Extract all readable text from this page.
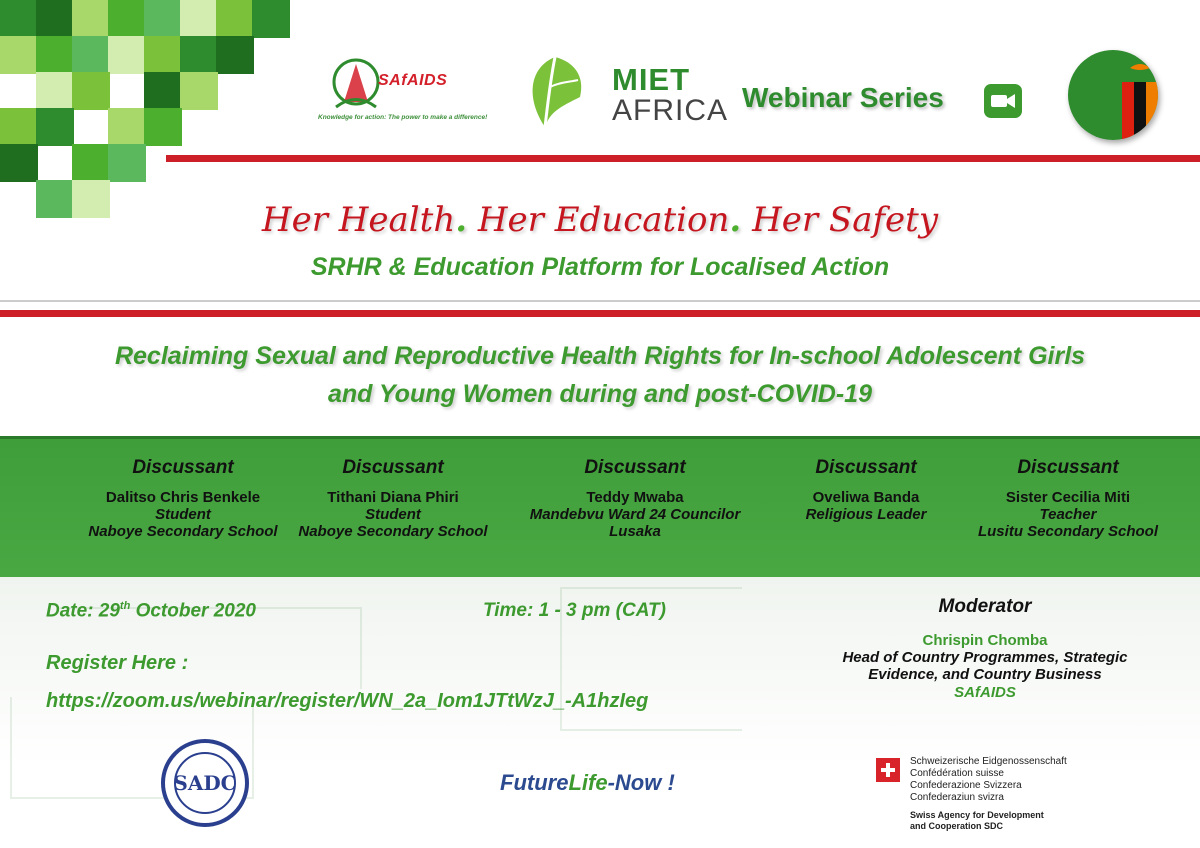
SAfAIDS
Knowledge for action: The power to make a difference!
MIET
AFRICA Webinar Series
Her Health. Her Education. Her Safety
SRHR & Education Platform for Localised Action
Reclaiming Sexual and Reproductive Health Rights for In-school Adolescent Girls
and Young Women during and post-COVID-19
Discussant
Dalitso Chris Benkele
Student
Naboye Secondary School
Discussant
Tithani Diana Phiri
Student
Naboye Secondary School
Discussant
Teddy Mwaba
Mandebvu Ward 24 Councilor
Lusaka
Discussant
Oveliwa Banda
Religious Leader
Discussant
Sister Cecilia Miti
Teacher
Lusitu Secondary School
Date: 29th October 2020	Time: 1 - 3 pm (CAT)
Register Here :
https://zoom.us/webinar/register/WN_2a_Iom1JTtWzJ_-A1hzIeg
Moderator
Chrispin Chomba
Head of Country Programmes, Strategic
Evidence, and Country Business
SAfAIDS
SADC	FutureLife-Now !
Schweizerische Eidgenossenschaft
Confédération suisse
Confederazione Svizzera
Confederaziun svizra
Swiss Agency for Development
and Cooperation SDC
